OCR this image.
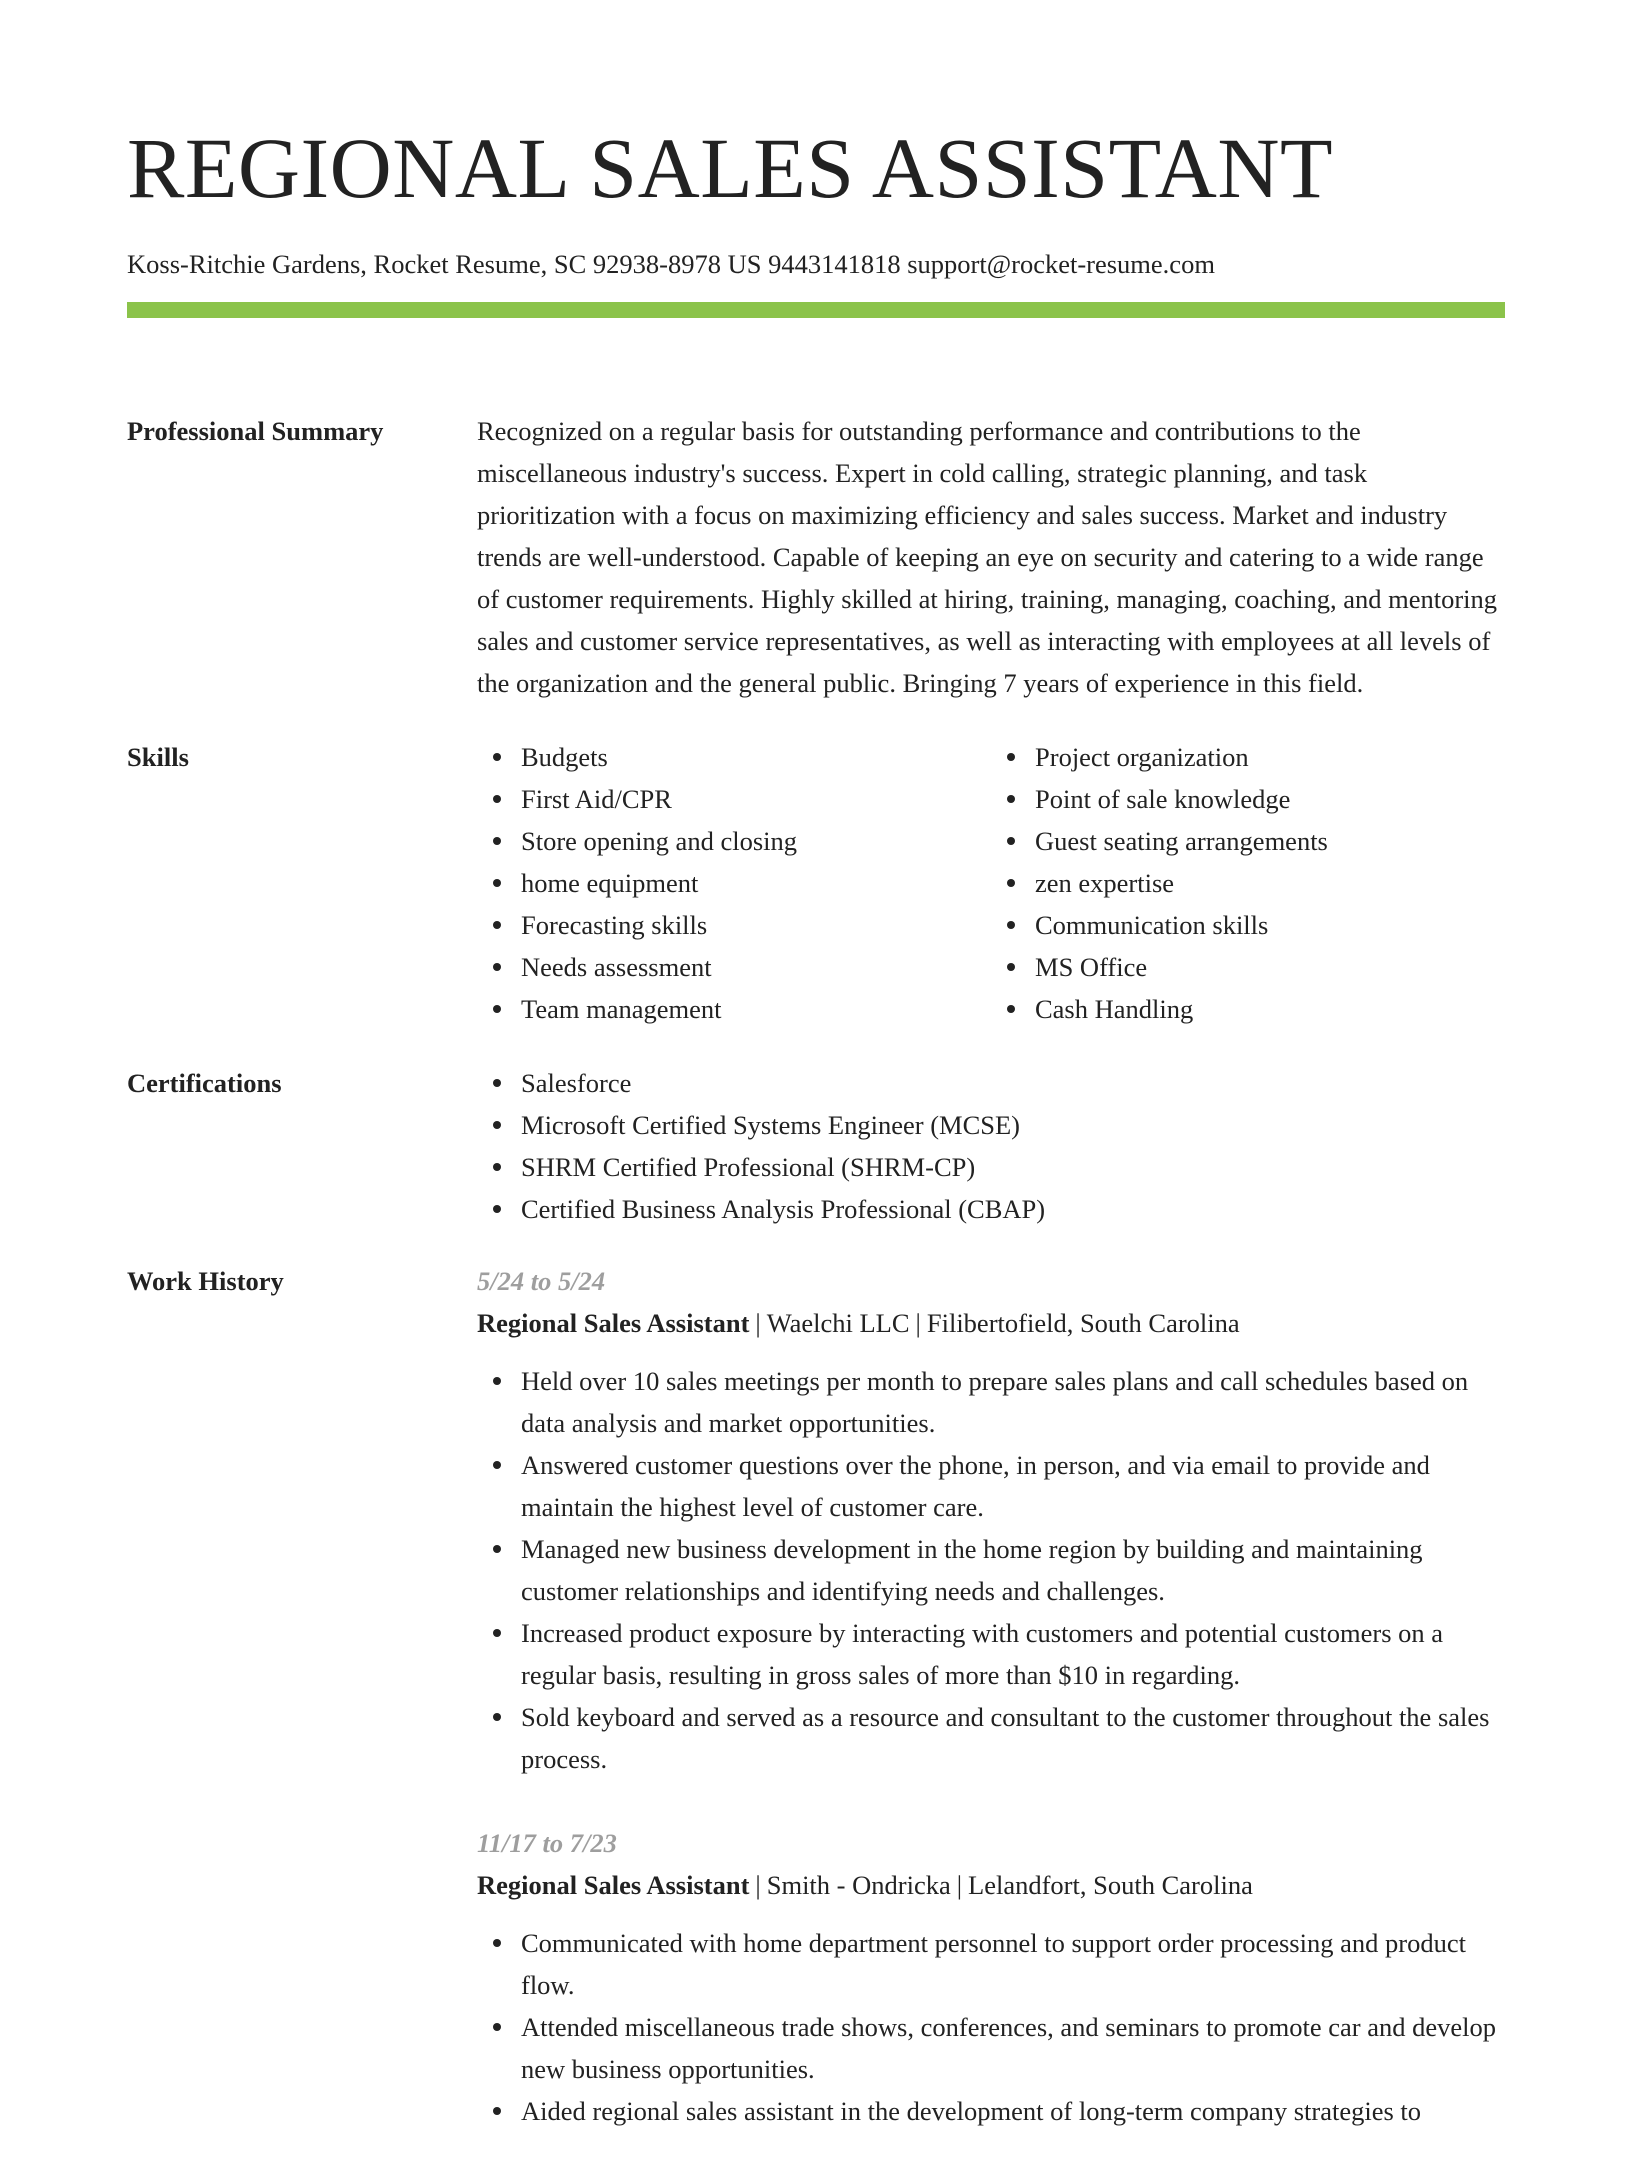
REGIONAL SALES ASSISTANT
Koss-Ritchie Gardens, Rocket Resume, SC 92938-8978 US 9443141818 support@rocket-resume.com
Professional Summary	Recognized on a regular basis for outstanding performance and contributions to the miscellaneous industry's success. Expert in cold calling, strategic planning, and task prioritization with a focus on maximizing efficiency and sales success. Market and industry trends are well-understood. Capable of keeping an eye on security and catering to a wide range of customer requirements. Highly skilled at hiring, training, managing, coaching, and mentoring sales and customer service representatives, as well as interacting with employees at all levels of the organization and the general public. Bringing 7 years of experience in this field.

Skills	Budgets
First Aid/CPR
Store opening and closing
home equipment
Forecasting skills
Needs assessment
Team management
Project organization
Point of sale knowledge
Guest seating arrangements
zen expertise
Communication skills
MS Office
Cash Handling
Certifications	Salesforce
Microsoft Certified Systems Engineer (MCSE)
SHRM Certified Professional (SHRM-CP)
Certified Business Analysis Professional (CBAP)
Work History	5/24 to 5/24
Regional Sales Assistant | Waelchi LLC | Filibertofield, South Carolina
Held over 10 sales meetings per month to prepare sales plans and call schedules based on data analysis and market opportunities.
Answered customer questions over the phone, in person, and via email to provide and maintain the highest level of customer care.
Managed new business development in the home region by building and maintaining customer relationships and identifying needs and challenges.
Increased product exposure by interacting with customers and potential customers on a regular basis, resulting in gross sales of more than $10 in regarding.
Sold keyboard and served as a resource and consultant to the customer throughout the sales process.
11/17 to 7/23
Regional Sales Assistant | Smith - Ondricka | Lelandfort, South Carolina
Communicated with home department personnel to support order processing and product flow.
Attended miscellaneous trade shows, conferences, and seminars to promote car and develop new business opportunities.
Aided regional sales assistant in the development of long-term company strategies to
